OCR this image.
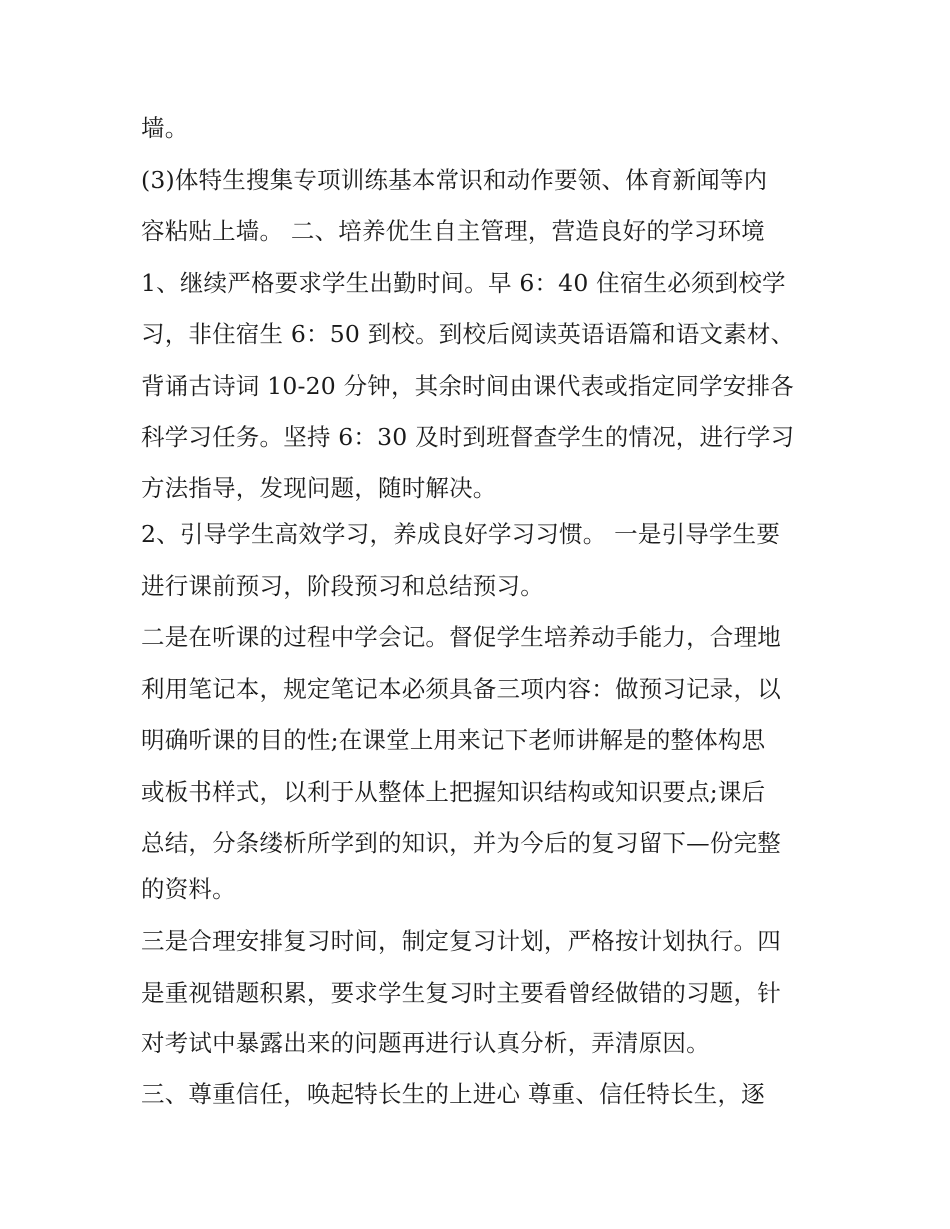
墙。
(3)体特生搜集专项训练基本常识和动作要领、体育新闻等内
容粘贴上墙。 二、培养优生自主管理，营造良好的学习环境
1、继续严格要求学生出勤时间。早 6：40 住宿生必须到校学
习，非住宿生 6：50 到校。到校后阅读英语语篇和语文素材、
背诵古诗词 10-20 分钟，其余时间由课代表或指定同学安排各
科学习任务。坚持 6：30 及时到班督查学生的情况，进行学习
方法指导，发现问题，随时解决。
2、引导学生高效学习，养成良好学习习惯。 一是引导学生要
进行课前预习，阶段预习和总结预习。
二是在听课的过程中学会记。督促学生培养动手能力，合理地
利用笔记本，规定笔记本必须具备三项内容：做预习记录，以
明确听课的目的性;在课堂上用来记下老师讲解是的整体构思
或板书样式，以利于从整体上把握知识结构或知识要点;课后
总结，分条缕析所学到的知识，并为今后的复习留下—份完整
的资料。
三是合理安排复习时间，制定复习计划，严格按计划执行。四
是重视错题积累，要求学生复习时主要看曾经做错的习题，针
对考试中暴露出来的问题再进行认真分析，弄清原因。
三、尊重信任，唤起特长生的上进心 尊重、信任特长生，逐
